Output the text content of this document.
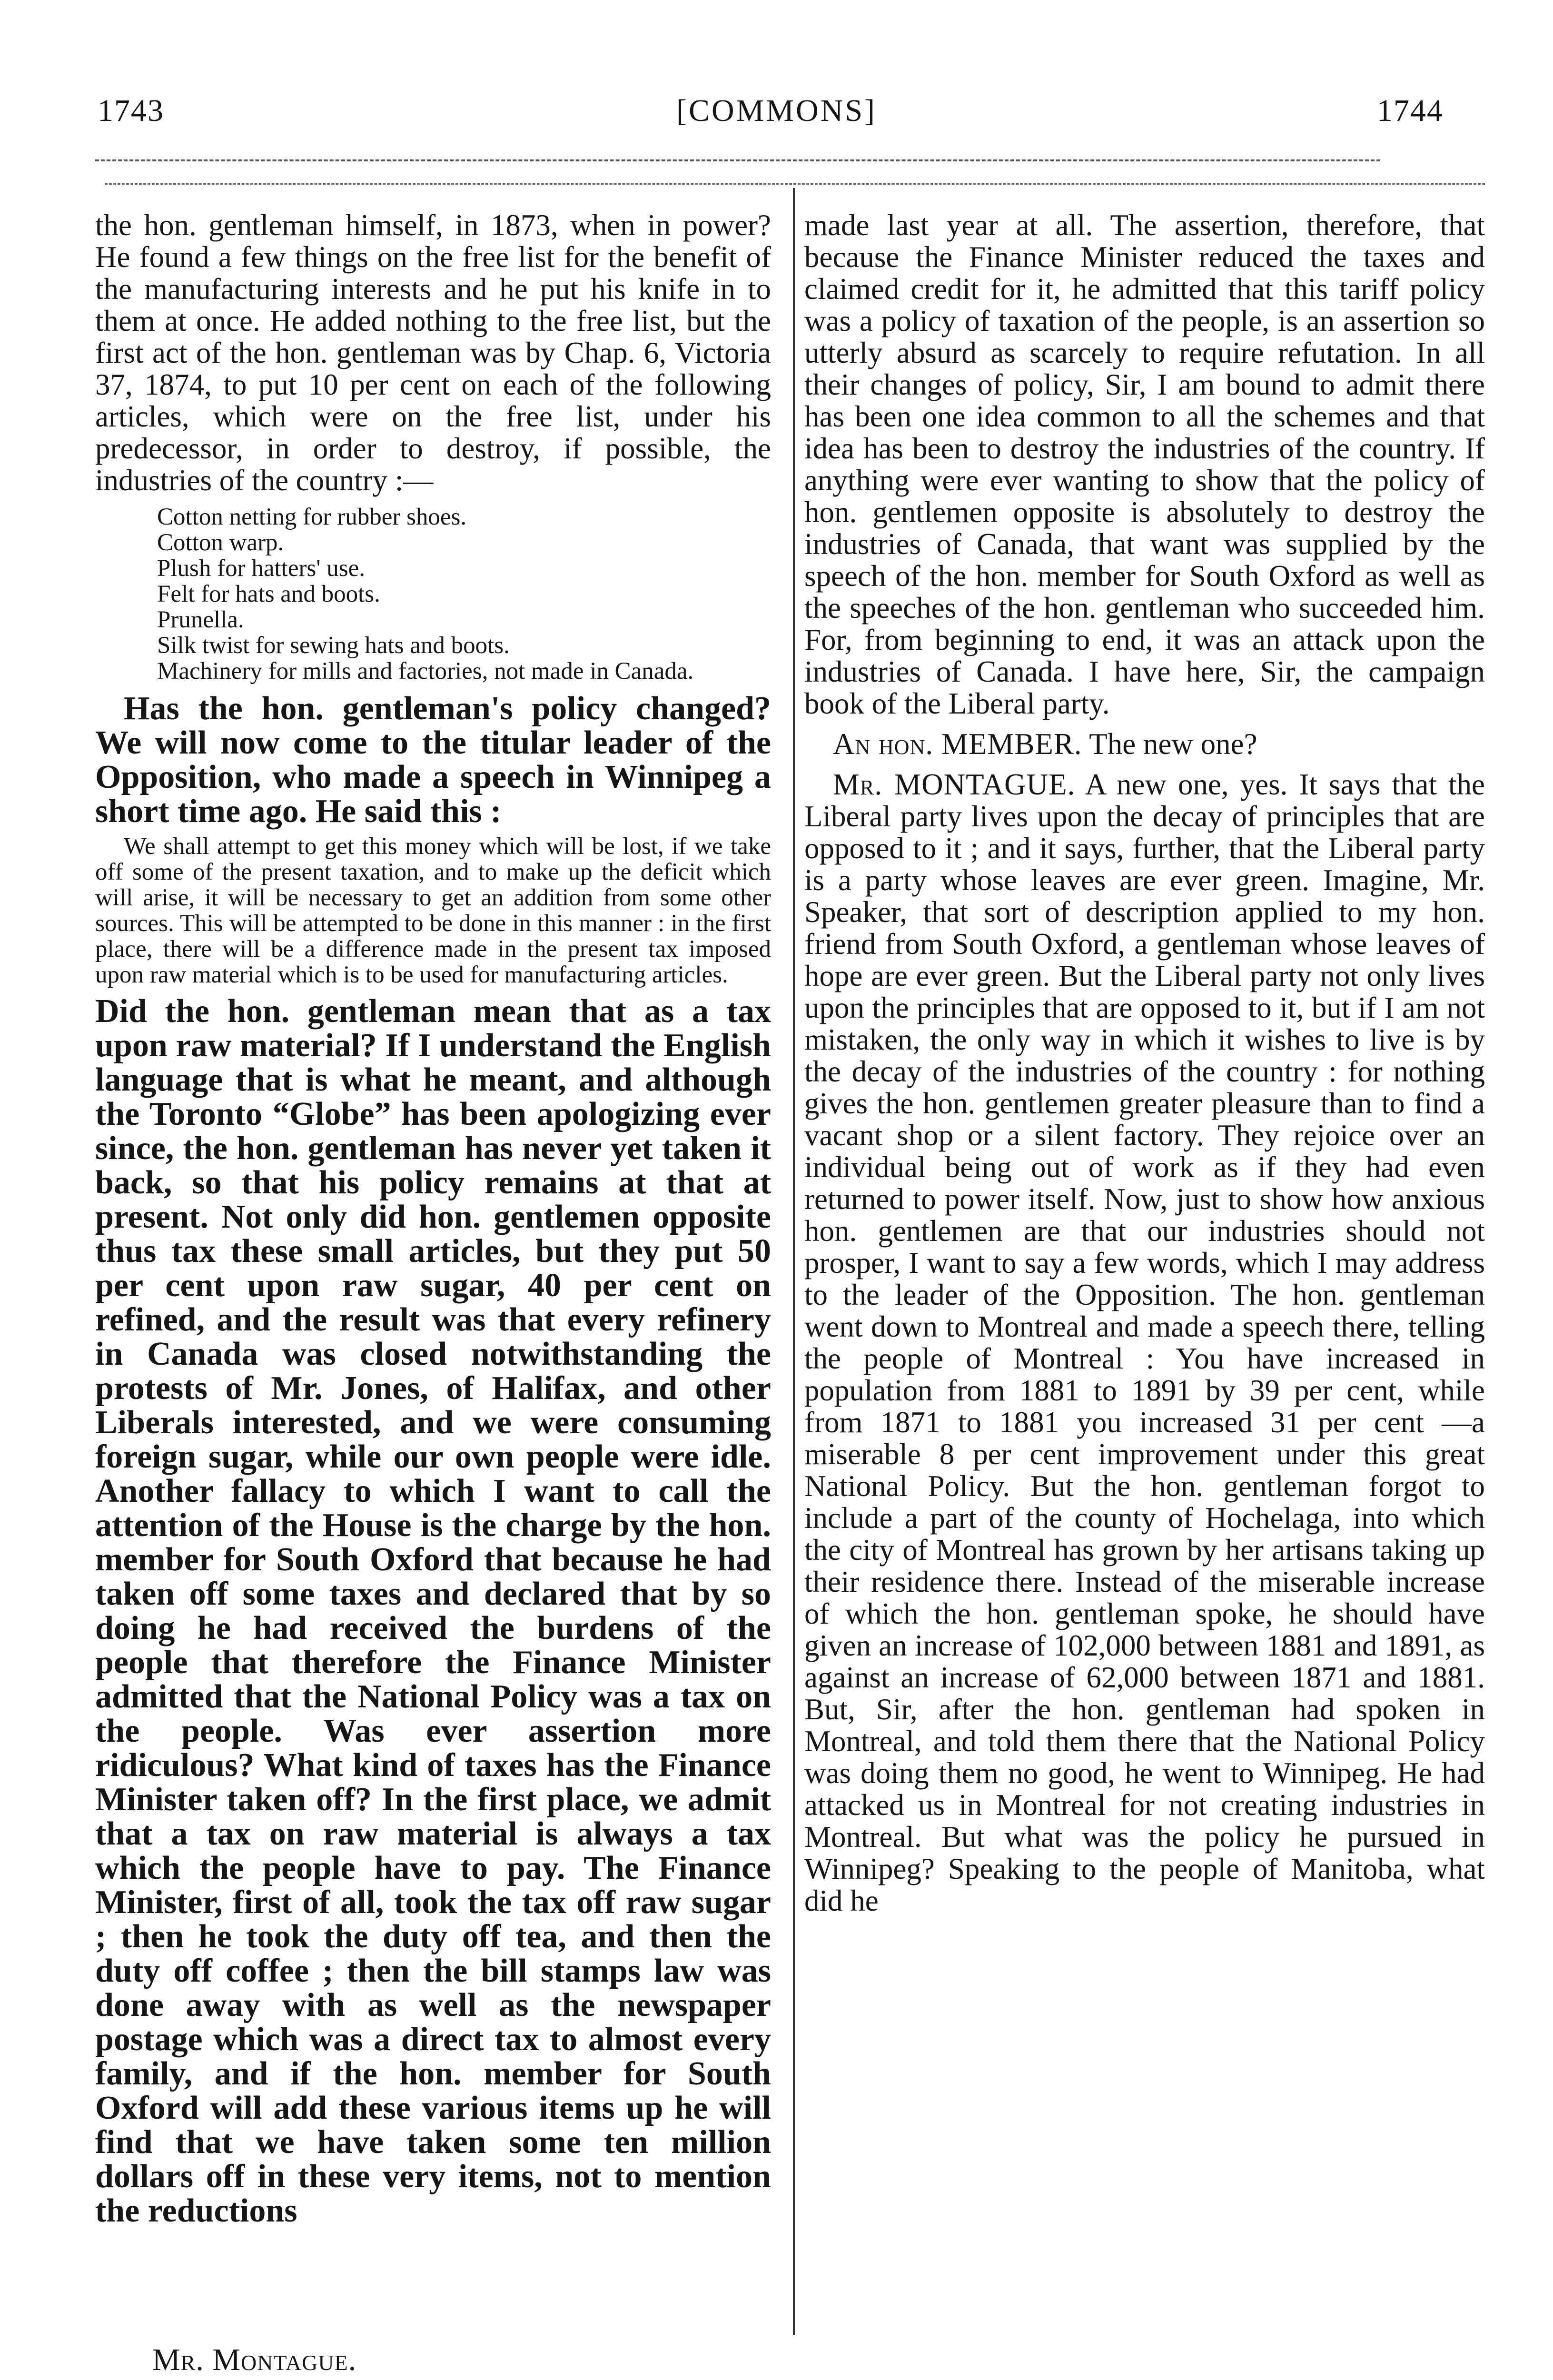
1743	[COMMONS]	1744

the hon. gentleman himself, in 1873, when in power? He found a few things on the free list for the benefit of the manufacturing interests and he put his knife in to them at once. He added nothing to the free list, but the first act of the hon. gentleman was by Chap. 6, Victoria 37, 1874, to put 10 per cent on each of the following articles, which were on the free list, under his predecessor, in order to destroy, if possible, the industries of the country :—

Cotton netting for rubber shoes.
Cotton warp.
Plush for hatters' use.
Felt for hats and boots.
Prunella.
Silk twist for sewing hats and boots.
Machinery for mills and factories, not made in Canada.

Has the hon. gentleman's policy changed? We will now come to the titular leader of the Opposition, who made a speech in Winnipeg a short time ago. He said this :

We shall attempt to get this money which will be lost, if we take off some of the present taxation, and to make up the deficit which will arise, it will be necessary to get an addition from some other sources. This will be attempted to be done in this manner : in the first place, there will be a difference made in the present tax imposed upon raw material which is to be used for manufacturing articles.

Did the hon. gentleman mean that as a tax upon raw material? If I understand the English language that is what he meant, and although the Toronto “Globe” has been apologizing ever since, the hon. gentleman has never yet taken it back, so that his policy remains at that at present. Not only did hon. gentlemen opposite thus tax these small articles, but they put 50 per cent upon raw sugar, 40 per cent on refined, and the result was that every refinery in Canada was closed notwithstanding the protests of Mr. Jones, of Halifax, and other Liberals interested, and we were consuming foreign sugar, while our own people were idle. Another fallacy to which I want to call the attention of the House is the charge by the hon. member for South Oxford that because he had taken off some taxes and declared that by so doing he had received the burdens of the people that therefore the Finance Minister admitted that the National Policy was a tax on the people. Was ever assertion more ridiculous? What kind of taxes has the Finance Minister taken off? In the first place, we admit that a tax on raw material is always a tax which the people have to pay. The Finance Minister, first of all, took the tax off raw sugar ; then he took the duty off tea, and then the duty off coffee ; then the bill stamps law was done away with as well as the newspaper postage which was a direct tax to almost every family, and if the hon. member for South Oxford will add these various items up he will find that we have taken some ten million dollars off in these very items, not to mention the reductions

made last year at all. The assertion, therefore, that because the Finance Minister reduced the taxes and claimed credit for it, he admitted that this tariff policy was a policy of taxation of the people, is an assertion so utterly absurd as scarcely to require refutation. In all their changes of policy, Sir, I am bound to admit there has been one idea common to all the schemes and that idea has been to destroy the industries of the country. If anything were ever wanting to show that the policy of hon. gentlemen opposite is absolutely to destroy the industries of Canada, that want was supplied by the speech of the hon. member for South Oxford as well as the speeches of the hon. gentleman who succeeded him. For, from beginning to end, it was an attack upon the industries of Canada. I have here, Sir, the campaign book of the Liberal party.

An hon. MEMBER. The new one?

Mr. MONTAGUE. A new one, yes. It says that the Liberal party lives upon the decay of principles that are opposed to it ; and it says, further, that the Liberal party is a party whose leaves are ever green. Imagine, Mr. Speaker, that sort of description applied to my hon. friend from South Oxford, a gentleman whose leaves of hope are ever green. But the Liberal party not only lives upon the principles that are opposed to it, but if I am not mistaken, the only way in which it wishes to live is by the decay of the industries of the country : for nothing gives the hon. gentlemen greater pleasure than to find a vacant shop or a silent factory. They rejoice over an individual being out of work as if they had even returned to power itself. Now, just to show how anxious hon. gentlemen are that our industries should not prosper, I want to say a few words, which I may address to the leader of the Opposition. The hon. gentleman went down to Montreal and made a speech there, telling the people of Montreal : You have increased in population from 1881 to 1891 by 39 per cent, while from 1871 to 1881 you increased 31 per cent —a miserable 8 per cent improvement under this great National Policy. But the hon. gentleman forgot to include a part of the county of Hochelaga, into which the city of Montreal has grown by her artisans taking up their residence there. Instead of the miserable increase of which the hon. gentleman spoke, he should have given an increase of 102,000 between 1881 and 1891, as against an increase of 62,000 between 1871 and 1881. But, Sir, after the hon. gentleman had spoken in Montreal, and told them there that the National Policy was doing them no good, he went to Winnipeg. He had attacked us in Montreal for not creating industries in Montreal. But what was the policy he pursued in Winnipeg? Speaking to the people of Manitoba, what did he

Mr. Montague.
